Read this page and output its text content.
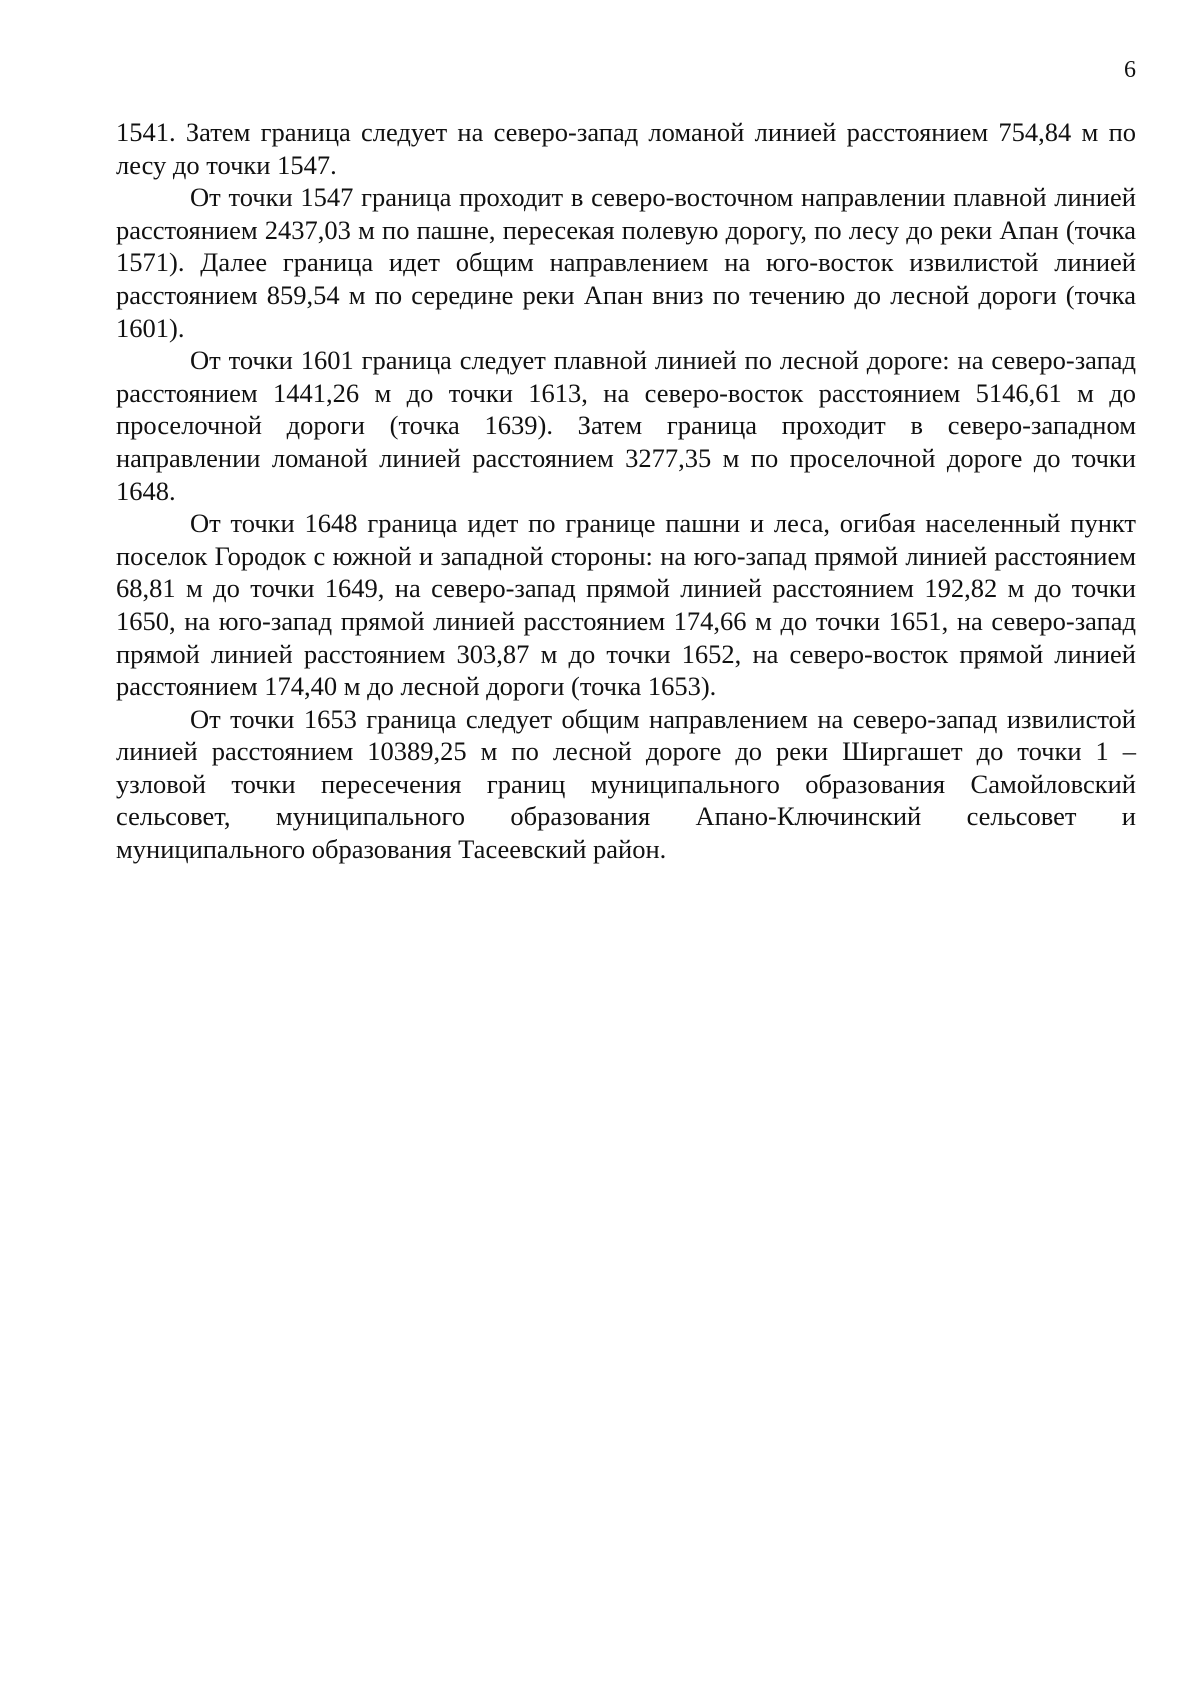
6

1541. Затем граница следует на северо-запад ломаной линией расстоянием 754,84 м по лесу до точки 1547.

От точки 1547 граница проходит в северо-восточном направлении плавной линией расстоянием 2437,03 м по пашне, пересекая полевую дорогу, по лесу до реки Апан (точка 1571). Далее граница идет общим направлением на юго-восток извилистой линией расстоянием 859,54 м по середине реки Апан вниз по течению до лесной дороги (точка 1601).

От точки 1601 граница следует плавной линией по лесной дороге: на северо-запад расстоянием 1441,26 м до точки 1613, на северо-восток расстоянием 5146,61 м до проселочной дороги (точка 1639). Затем граница проходит в северо-западном направлении ломаной линией расстоянием 3277,35 м по проселочной дороге до точки 1648.

От точки 1648 граница идет по границе пашни и леса, огибая населенный пункт поселок Городок с южной и западной стороны: на юго-запад прямой линией расстоянием 68,81 м до точки 1649, на северо-запад прямой линией расстоянием 192,82 м до точки 1650, на юго-запад прямой линией расстоянием 174,66 м до точки 1651, на северо-запад прямой линией расстоянием 303,87 м до точки 1652, на северо-восток прямой линией расстоянием 174,40 м до лесной дороги (точка 1653).

От точки 1653 граница следует общим направлением на северо-запад извилистой линией расстоянием 10389,25 м по лесной дороге до реки Ширгашет до точки 1 – узловой точки пересечения границ муниципального образования Самойловский сельсовет, муниципального образования Апано-Ключинский сельсовет и муниципального образования Тасеевский район.
